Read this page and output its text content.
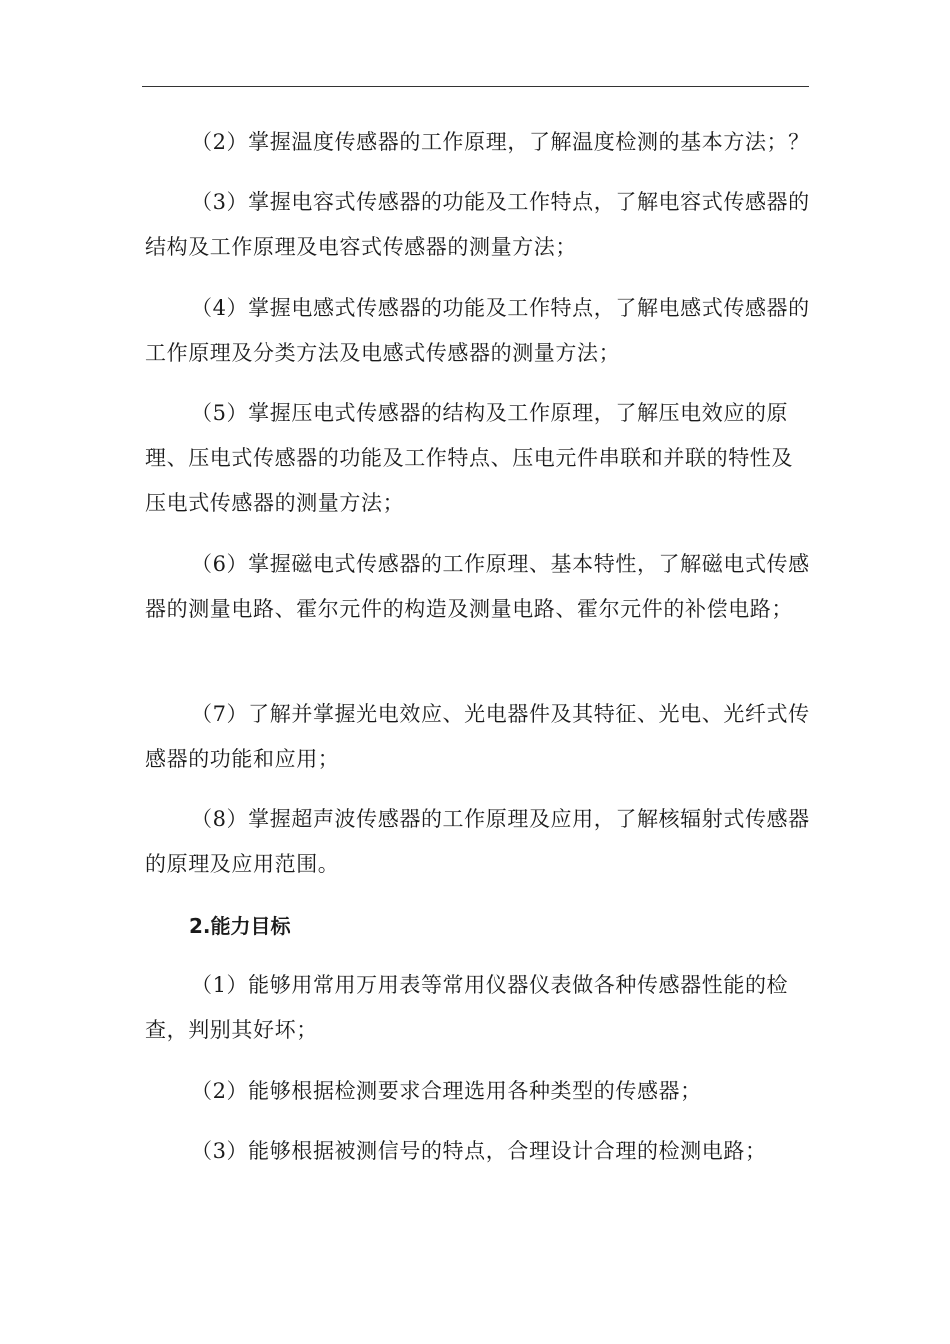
（2）掌握温度传感器的工作原理，了解温度检测的基本方法；？

（3）掌握电容式传感器的功能及工作特点，了解电容式传感器的结构及工作原理及电容式传感器的测量方法；

（4）掌握电感式传感器的功能及工作特点，了解电感式传感器的工作原理及分类方法及电感式传感器的测量方法；

（5）掌握压电式传感器的结构及工作原理，了解压电效应的原理、压电式传感器的功能及工作特点、压电元件串联和并联的特性及压电式传感器的测量方法；

（6）掌握磁电式传感器的工作原理、基本特性，了解磁电式传感器的测量电路、霍尔元件的构造及测量电路、霍尔元件的补偿电路；

（7）了解并掌握光电效应、光电器件及其特征、光电、光纤式传感器的功能和应用；

（8）掌握超声波传感器的工作原理及应用，了解核辐射式传感器的原理及应用范围。

2.能力目标

（1）能够用常用万用表等常用仪器仪表做各种传感器性能的检查，判别其好坏；

（2）能够根据检测要求合理选用各种类型的传感器；

（3）能够根据被测信号的特点，合理设计合理的检测电路；
